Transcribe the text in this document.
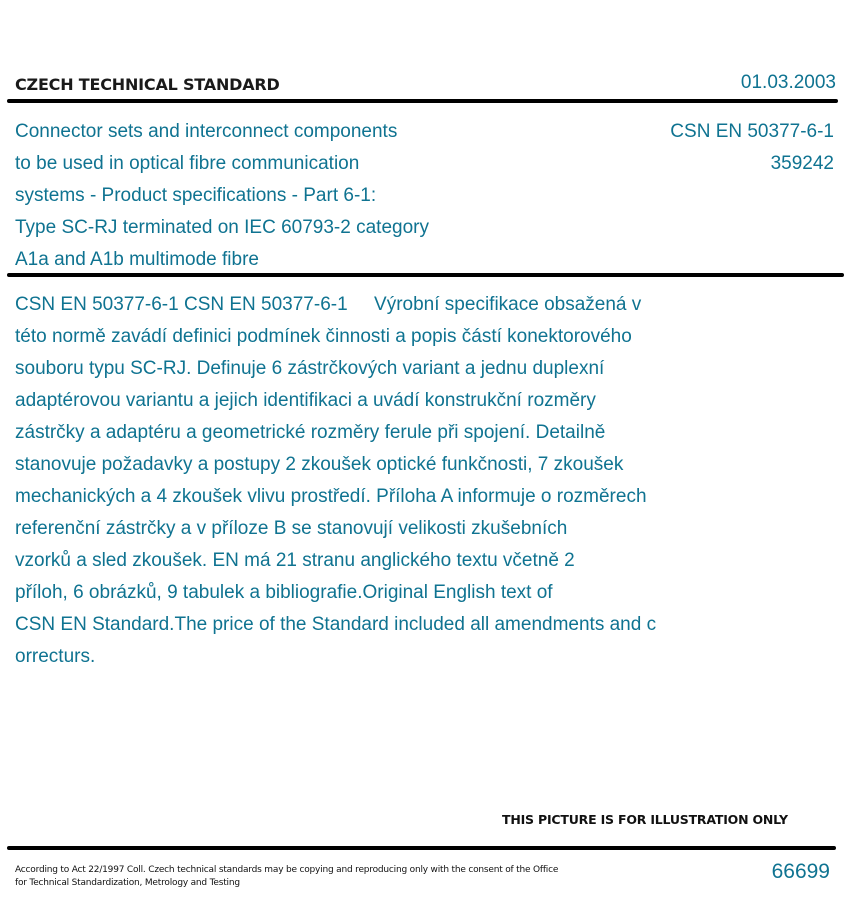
CZECH TECHNICAL STANDARD	01.03.2003
Connector sets and interconnect components
to be used in optical fibre communication
systems - Product specifications - Part 6-1:
Type SC-RJ terminated on IEC 60793-2 category
A1a and A1b multimode fibre
CSN EN 50377-6-1
359242
CSN EN 50377-6-1 CSN EN 50377-6-1     Výrobní specifikace obsažená v
této normě zavádí definici podmínek činnosti a popis částí konektorového
souboru typu SC-RJ. Definuje 6 zástrčkových variant a jednu duplexní
adaptérovou variantu a jejich identifikaci a uvádí konstrukční rozměry
zástrčky a adaptéru a geometrické rozměry ferule při spojení. Detailně
stanovuje požadavky a postupy 2 zkoušek optické funkčnosti, 7 zkoušek
mechanických a 4 zkoušek vlivu prostředí. Příloha A informuje o rozměrech
referenční zástrčky a v příloze B se stanovují velikosti zkušebních
vzorků a sled zkoušek. EN má 21 stranu anglického textu včetně 2
příloh, 6 obrázků, 9 tabulek a bibliografie.Original English text of
CSN EN Standard.The price of the Standard included all amendments and c
orrecturs.
THIS PICTURE IS FOR ILLUSTRATION ONLY
According to Act 22/1997 Coll. Czech technical standards may be copying and reproducing only with the consent of the Office
for Technical Standardization, Metrology and Testing	66699
